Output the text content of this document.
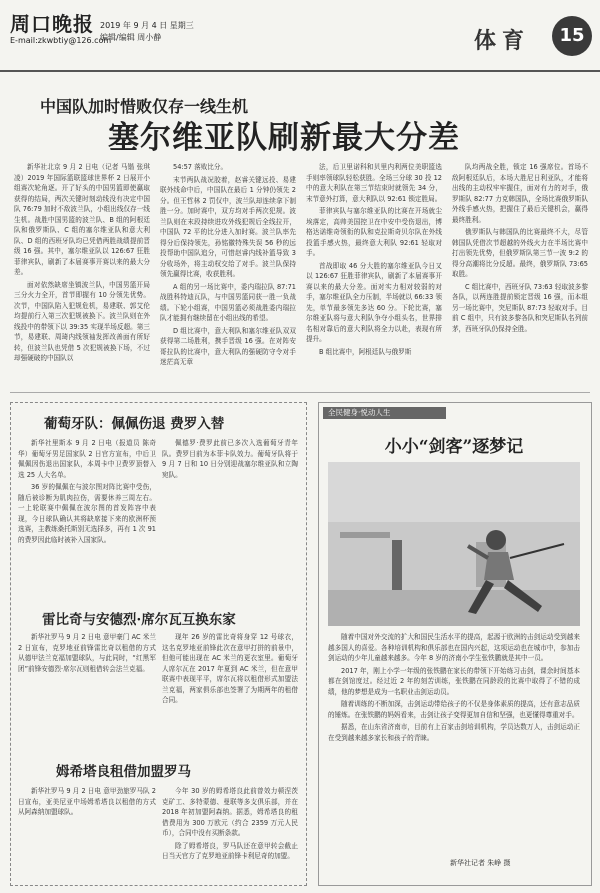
周口晚报
E-mail:zkwbtiy@126.com
2019 年 9 月 4 日 星期三
编辑/编辑 周小静	体育	15
中国队加时惜败仅存一线生机
塞尔维亚队刷新最大分差

新华社北京 9 月 2 日电（记者 马锴 张琪 凌）2019 年国际篮联篮球世界杯 2 日展开小组赛次轮角逐。开了好头的中国男篮即使赢取获得的结局，两次关键时刻动线没有决定中国队 76:79 加时不敌波兰队，小组出线仅存一线生机。战胜中国男篮的波兰队、B 组的阿根廷队和俄罗斯队、C 组的塞尔维亚队和意大利队、D 组的西班牙队均已凭借两胜战绩提前晋级 16 强。其中，塞尔维亚队以 126:67 狂胜菲律宾队，刷新了本届赛事开赛以来的最大分差。

面对依然缺席坐镇波兰队，中国男篮开局三分火力全开，首节即握有 10 分领先优势。次节，中国队陷入犯规危机，易建联、郭艾伦均提前行入第三次犯规被换下。波兰队则在外线投中的带领下以 39:35 实现半场反超。第三节，易建联、周琦内线领袖发挥改善面有所好转，但波兰队也凭借 5 次犯规被换下场，不过却强硬破的中国队以

54:57 落败比分。

末节两队战况胶着，赵睿关键远投、易建联外线命中后，中国队在最后 1 分钟仍领先 2 分。但王哲林 2 罚仅中，波兰队却连续拿下制胜一分。加时赛中，双方均对手两次犯规。波兰队则在末段持续进攻外线犯规后全线拉开，中国队 72 平的比分进入加时赛。波兰队率先得分后保持领先，孙铭徽特殊失误 56 秒的远投帮助中国队追分，可惜赵睿内线补篮导致 3 分收场外，将主动权交给了对手。波兰队保持领先赢得比赛，收获胜利。

A 组的另一场比赛中，委内瑞拉队 87:71 战胜科特迪瓦队，与中国男篮同获一胜一负战绩。下轮小组赛，中国男篮必须战胜委内瑞拉队才能拥有继续留在小组出线的希望。

D 组比赛中，意大利队和塞尔维亚队双双获得第二场胜利，携手晋级 16 强。在对阵安哥拉队的比赛中，意大利队的强硬防守令对手迷茫高无章

法，后卫里诺科和贝里内利两位美职篮选手则率领球队轻松获胜。全场三分球 30 投 12 中的意大利队在第三节结束时就领先 34 分，末节意外打算，意大利队以 92:61 锁定胜局。

菲律宾队与塞尔维亚队的比赛在开场就尘埃落定，高帅美国控卫在中安中受伤退出，博格达诺维奇领衔的队和克拉斯奇贝尔队在外线投篮手感火热，最终意大利队 92:61 轻取对手。

首战即取 46 分大胜的塞尔维亚队今日又以 126:67 狂胜菲律宾队，刷新了本届赛事开赛以来的最大分差。面对实力相对较弱的对手，塞尔维亚队全力压制，半场就以 66:33 领先，单节最多领先多达 60 分。下轮比赛，塞尔维亚队将与意大利队争夺小组头名，世界排名相对靠后的意大利队将全力以赴，表现有所提升。

B 组比赛中，阿根廷队与俄罗斯

队均两战全胜，锁定 16 强席位。首场不敌阿根廷队后，本场大胜尼日利亚队，才能将出线的主动权牢牢握住，面对有力的对手，俄罗斯队 82:77 力克韩国队，全场比赛俄罗斯队外线手感火热，把握住了最后关键机会，赢得最终胜利。

俄罗斯队与韩国队的比赛最终不大，尽管韩国队凭借次节超越的外线火力在半场比赛中打出领先优势，但俄罗斯队第三节一波 9:2 的得分高潮将比分反超。最终，俄罗斯队 73:65 取胜。

C 组比赛中，西班牙队 73:63 轻取波多黎各队，以两连胜提前锁定晋级 16 强，而本组另一场比赛中，突尼斯队 87:73 轻取对手。目前 C 组中，只有波多黎各队和突尼斯队名列前茅，西班牙队仍保持全胜。

葡萄牙队：佩佩伤退 费罗入替

新华社里斯本 9 月 2 日电（报道员 陈奇华）葡萄牙男足国家队 2 日官方宣布，中后卫佩佩因伤退出国家队，本周卡中卫费罗顶替入选 25 人大名单。

36 岁的佩佩在与波尔图对阵比赛中受伤，随后被诊断为肌肉拉伤，需要休养三周左右。一上轮联赛中佩佩在波尔图的首发阵容中表现，今日球队确认其将缺席接下来的欧洲杯预选赛，主教练桑托斯别无选择多，再有 1 次 91 的费罗因此临时被补入国家队。

佩德罗·费罗此前已多次入选葡萄牙青年队。费罗目前为本菲卡队效力。葡萄牙队将于 9 月 7 日和 10 日分别迎战塞尔维亚队和立陶宛队。

雷比奇与安德烈·席尔瓦互换东家

新华社罗马 9 月 2 日电 意甲豪门 AC 米兰 2 日宣布，克罗地亚前锋雷比奇以租借的方式从德甲法兰克福加盟球队，与此同时，“红黑军团”前锋安德烈·席尔瓦则租借转会法兰克福。

现年 26 岁的雷比奇将身穿 12 号球衣，这名克罗地亚前锋此次在意甲打拼的前景中，但他可能出现在 AC 米兰的更衣室里。葡萄牙人席尔瓦在 2017 年夏到 AC 米兰，但在意甲联赛中表现平平，席尔瓦将以租借形式加盟法兰克福，两家俱乐部也签署了为期两年的租借合同。

姆希塔良租借加盟罗马

新华社罗马 9 月 2 日电 意甲劲旅罗马队 2 日宣布，亚美尼亚中场姆希塔良以租借的方式从阿森纳加盟球队。

今年 30 岁的姆希塔良此前曾效力顿涅茨克矿工、多特蒙德、曼联等多支俱乐部，并在 2018 年初加盟阿森纳。据悉，姆希塔良的租借费用为 300 万欧元（约合 2359 万元人民币），合同中没有买断条款。

除了姆希塔良，罗马队还在意甲转会截止日当天官方了克罗地亚前锋卡利尼奇的加盟。

全民健身·悦动人生
小小“剑客”逐梦记

随着中国对外交流的扩大和国民生活水平的提高，起源于欧洲的击剑运动受到越来越多国人的喜爱。各种培训机构和俱乐部也在国内兴起，这项运动也在城市中，参加击剑运动的少年儿童越来越多。今年 8 岁的济南小学生张铁鹏就是其中一员。

2017 年，刚上小学一年级的张铁鹏在家长的带领下开始练习击剑，课余时间基本都在剑馆度过。经过近 2 年的刻苦训练，张铁鹏在同龄段的比赛中取得了不错的成绩，他的梦想是成为一名职业击剑运动员。

随着训练的不断加深，击剑运动带给孩子的不仅是身体素质的提高，还有意志品质的锤炼。在张铁鹏的妈妈看来，击剑让孩子变得更加自信和坚强，也更懂得尊重对手。

据悉，在山东省济南市，目前有上百家击剑培训机构，学员达数万人，击剑运动正在受到越来越多家长和孩子的青睐。

新华社记者 朱峥 摄
